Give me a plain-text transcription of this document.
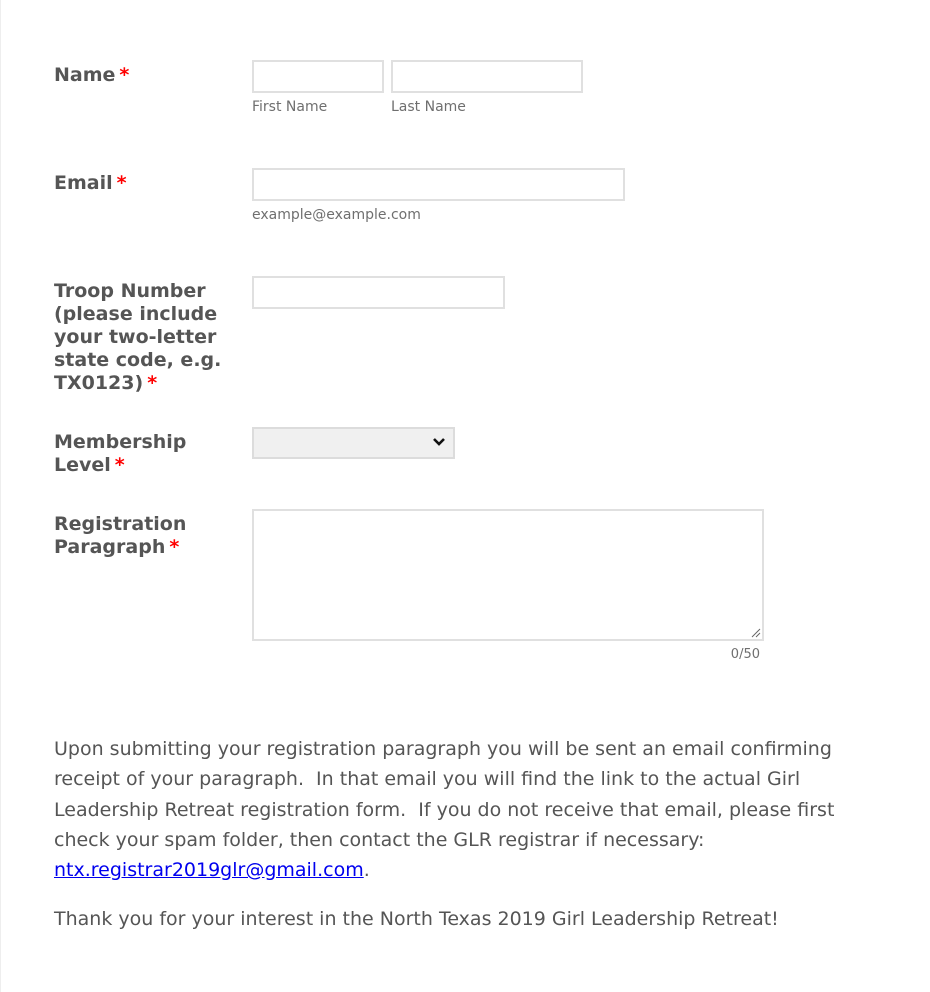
Name *
First Name	Last Name
Email *
example@example.com
Troop Number (please include your two-letter state code, e.g. TX0123) *
Membership Level *
Registration Paragraph *
0/50
Upon submitting your registration paragraph you will be sent an email confirming receipt of your paragraph.  In that email you will find the link to the actual Girl Leadership Retreat registration form.  If you do not receive that email, please first check your spam folder, then contact the GLR registrar if necessary: ntx.registrar2019glr@gmail.com.
Thank you for your interest in the North Texas 2019 Girl Leadership Retreat!
